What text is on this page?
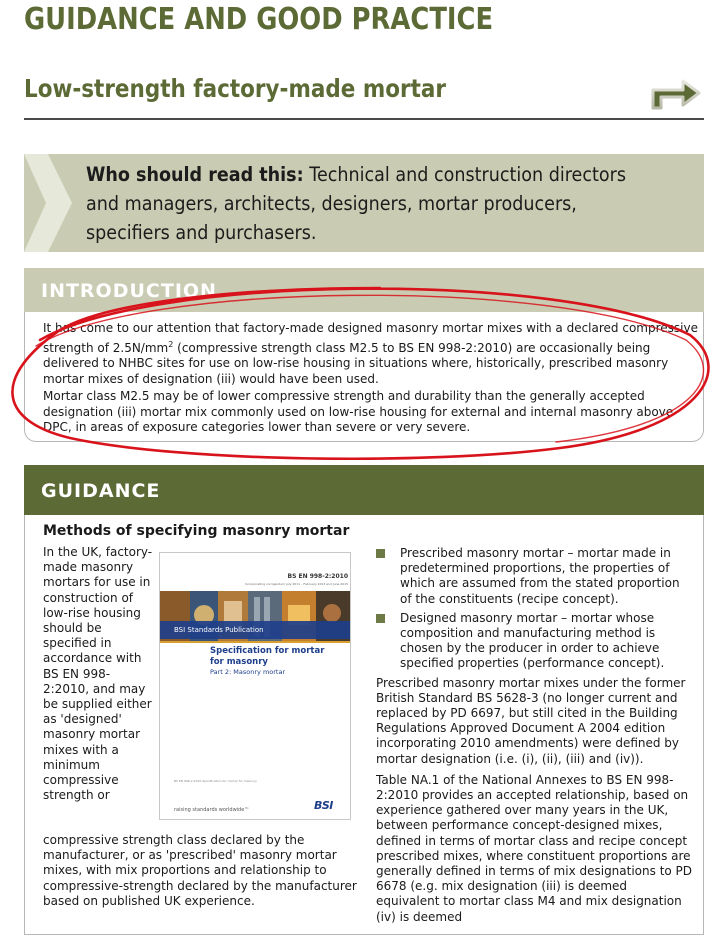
GUIDANCE AND GOOD PRACTICE
Low-strength factory-made mortar
Who should read this: Technical and construction directors and managers, architects, designers, mortar producers, specifiers and purchasers.
INTRODUCTION
It has come to our attention that factory-made designed masonry mortar mixes with a declared compressive strength of $2.5N/mm^2$ (compressive strength class M2.5 to BS EN 998-2:2010) are occasionally being delivered to NHBC sites for use on low-rise housing in situations where, historically, prescribed masonry mortar mixes of designation (iii) would have been used.
Mortar class M2.5 may be of lower compressive strength and durability than the generally accepted designation (iii) mortar mix commonly used on low-rise housing for external and internal masonry above DPC, in areas of exposure categories lower than severe or very severe.
GUIDANCE
Methods of specifying masonry mortar
In the UK, factory-made masonry mortars for use in construction of low-rise housing should be specified in accordance with BS EN 998-2:2010, and may be supplied either as 'designed' masonry mortar mixes with a minimum compressive strength or
compressive strength class declared by the manufacturer, or as 'prescribed' masonry mortar mixes, with mix proportions and relationship to compressive-strength declared by the manufacturer based on published UK experience.
BS EN 998-2:2010
Incorporating corrigendum July 2011 – February 2013 and June 2015
BSI Standards Publication
Specification for mortar
for masonry
Part 2: Masonry mortar
BS EN 998-2:2010 Specification for mortar for masonry
raising standards worldwide™	BSI
Prescribed masonry mortar – mortar made in predetermined proportions, the properties of which are assumed from the stated proportion of the constituents (recipe concept).
Designed masonry mortar – mortar whose composition and manufacturing method is chosen by the producer in order to achieve specified properties (performance concept).
Prescribed masonry mortar mixes under the former British Standard BS 5628-3 (no longer current and replaced by PD 6697, but still cited in the Building Regulations Approved Document A 2004 edition incorporating 2010 amendments) were defined by mortar designation (i.e. (i), (ii), (iii) and (iv)).
Table NA.1 of the National Annexes to BS EN 998-2:2010 provides an accepted relationship, based on experience gathered over many years in the UK, between performance concept-designed mixes, defined in terms of mortar class and recipe concept prescribed mixes, where constituent proportions are generally defined in terms of mix designations to PD 6678 (e.g. mix designation (iii) is deemed equivalent to mortar class M4 and mix designation (iv) is deemed
